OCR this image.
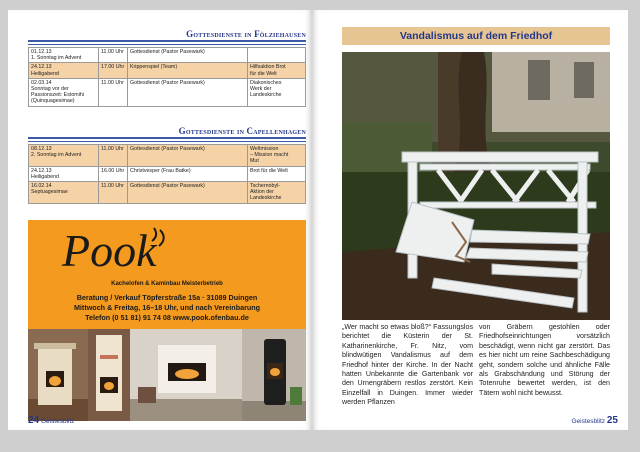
Gottesdienste in Fölziehausen
01.12.13
1. Sonntag im Advent	11.00 Uhr	Gottesdienst (Pastor Pasewark)	

24.12.13
Heiligabend	17.00 Uhr	Krippenspiel (Team)	Hilfsaktion Brot
für die Welt

02.03.14
Sonntag vor der
Passionszeit: Estomihi
(Quinquagesimae)	11.00 Uhr	Gottesdienst (Pastor Pasewark)	Diakonisches
Werk der
Landeskirche
Gottesdienste in Capellenhagen
08.12.13
2. Sonntag im Advent	11.00 Uhr	Gottesdienst (Pastor Pasewark)	Weltmission
– Mission macht
Mut

24.12.13
Heiligabend	16.00 Uhr	Christvesper (Frau Batke)	Brot für die Welt

16.02.14
Septuagesimae	11.00 Uhr	Gottesdienst (Pastor Pasewark)	Tschernobyl-
Aktion der
Landeskirche
Pook
Kachelofen & Kaminbau Meisterbetrieb
Beratung / Verkauf Töpferstraße 15a · 31089 Duingen
Mittwoch & Freitag, 16–18 Uhr, und nach Vereinbarung
Telefon (0 51 81) 91 74 08 www.pook.ofenbau.de
24 Geistesblitz
Vandalismus auf dem Friedhof
„Wer macht so etwas bloß?“ Fassungslos berichtet die Küsterin der St. Katharinenkirche, Fr. Nitz, vom blindwütigen Vandalismus auf dem Friedhof hinter der Kirche. In der Nacht hatten Unbekannte die Gartenbank vor den Urnengräbern restlos zerstört. Kein Einzelfall in Duingen. Immer wieder werden Pflanzen
von Gräbern gestohlen oder Friedhofseinrichtungen vorsätzlich beschädigt, wenn nicht gar zerstört. Das es hier nicht um reine Sachbeschädigung geht, sondern solche und ähnliche Fälle als Grabschändung und Störung der Totenruhe bewertet werden, ist den Tätern wohl nicht bewusst.
Geistesblitz 25
